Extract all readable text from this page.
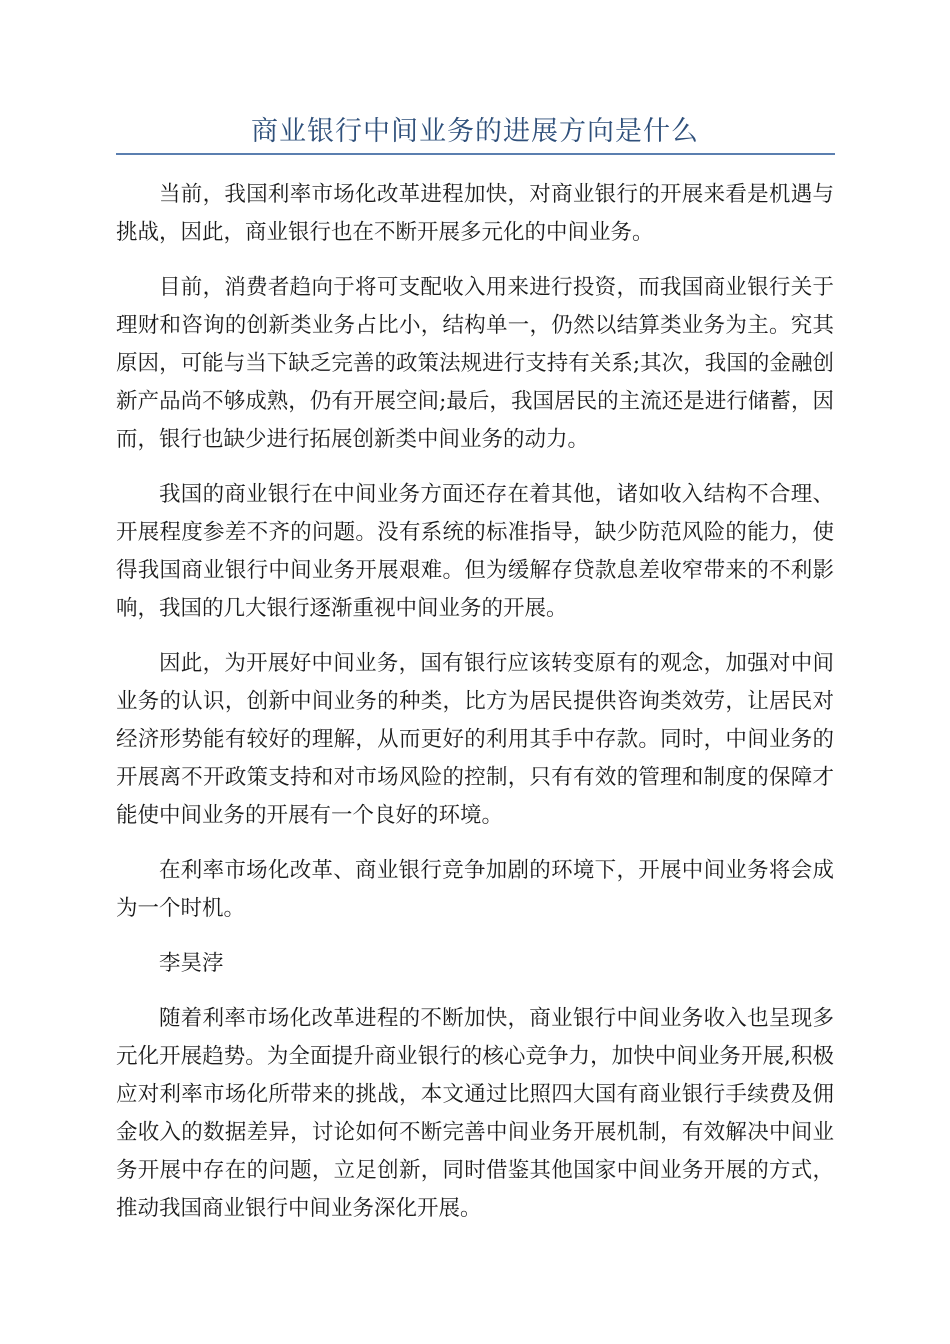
商业银行中间业务的进展方向是什么

当前，我国利率市场化改革进程加快，对商业银行的开展来看是机遇与挑战，因此，商业银行也在不断开展多元化的中间业务。

目前，消费者趋向于将可支配收入用来进行投资，而我国商业银行关于理财和咨询的创新类业务占比小，结构单一，仍然以结算类业务为主。究其原因，可能与当下缺乏完善的政策法规进行支持有关系;其次，我国的金融创新产品尚不够成熟，仍有开展空间;最后，我国居民的主流还是进行储蓄，因而，银行也缺少进行拓展创新类中间业务的动力。

我国的商业银行在中间业务方面还存在着其他，诸如收入结构不合理、开展程度参差不齐的问题。没有系统的标准指导，缺少防范风险的能力，使得我国商业银行中间业务开展艰难。但为缓解存贷款息差收窄带来的不利影响，我国的几大银行逐渐重视中间业务的开展。

因此，为开展好中间业务，国有银行应该转变原有的观念，加强对中间业务的认识，创新中间业务的种类，比方为居民提供咨询类效劳，让居民对经济形势能有较好的理解，从而更好的利用其手中存款。同时，中间业务的开展离不开政策支持和对市场风险的控制，只有有效的管理和制度的保障才能使中间业务的开展有一个良好的环境。

在利率市场化改革、商业银行竞争加剧的环境下，开展中间业务将会成为一个时机。

李昊浡

随着利率市场化改革进程的不断加快，商业银行中间业务收入也呈现多元化开展趋势。为全面提升商业银行的核心竞争力，加快中间业务开展,积极应对利率市场化所带来的挑战，本文通过比照四大国有商业银行手续费及佣金收入的数据差异，讨论如何不断完善中间业务开展机制，有效解决中间业务开展中存在的问题，立足创新，同时借鉴其他国家中间业务开展的方式，推动我国商业银行中间业务深化开展。
